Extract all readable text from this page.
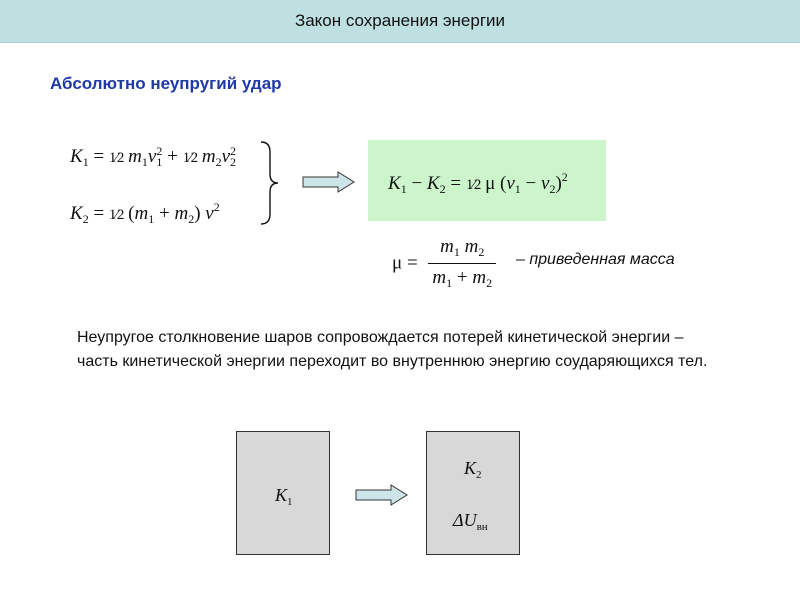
Закон сохранения энергии
Абсолютно неупругий удар
$K_1$ = 1⁄2 $m_1v2$
1 + 1⁄2 $m_2v2$
2
$K_2$ = 1⁄2 $(m_1 + m_2)$ $v^2$
$K_1 - K_2$ = 1⁄2 μ $(v_1 - v_2)^2$
$\mu = \frac{m_1 m_2}{m_1 + m_2}$ – приведенная масса
Неупругое столкновение шаров сопровождается потерей кинетической энергии – часть кинетической энергии переходит во внутреннюю энергию соударяющихся тел.
$K_1$
$K_2$
$\Delta U_{вн}$
